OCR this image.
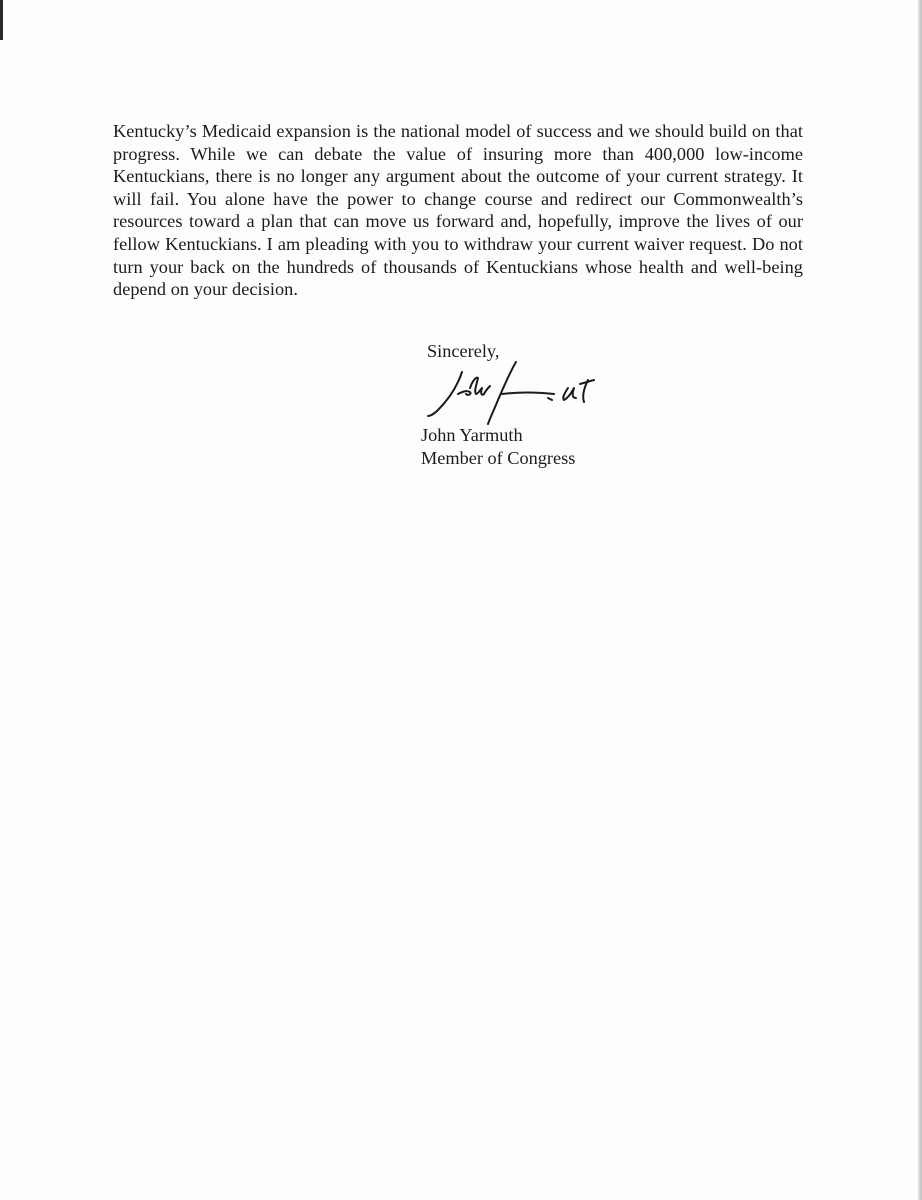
Kentucky’s Medicaid expansion is the national model of success and we should build on that progress. While we can debate the value of insuring more than 400,000 low-income Kentuckians, there is no longer any argument about the outcome of your current strategy. It will fail. You alone have the power to change course and redirect our Commonwealth’s resources toward a plan that can move us forward and, hopefully, improve the lives of our fellow Kentuckians. I am pleading with you to withdraw your current waiver request. Do not turn your back on the hundreds of thousands of Kentuckians whose health and well-being depend on your decision.

Sincerely,
John Yarmuth
Member of Congress
